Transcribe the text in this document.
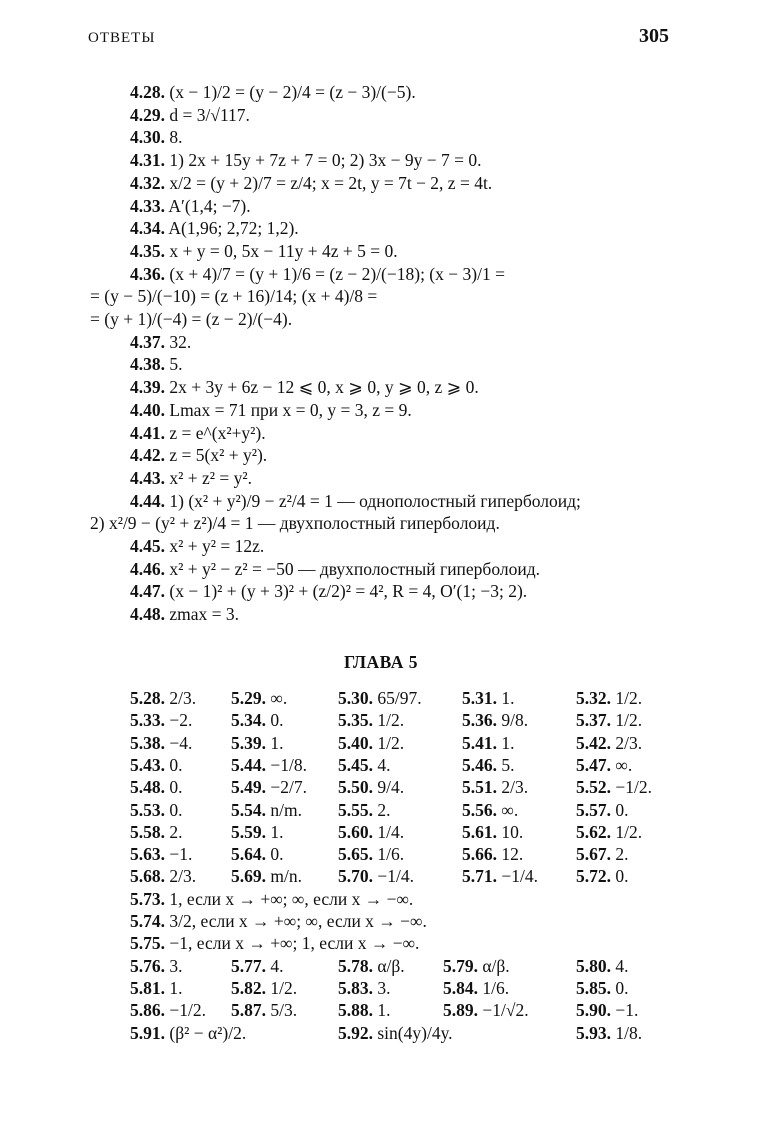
ОТВЕТЫ	305
4.28. (x − 1)/2 = (y − 2)/4 = (z − 3)/(−5).
4.29. d = 3/√117.
4.30. 8.
4.31. 1) 2x + 15y + 7z + 7 = 0; 2) 3x − 9y − 7 = 0.
4.32. x/2 = (y + 2)/7 = z/4; x = 2t, y = 7t − 2, z = 4t.
4.33. A′(1,4; −7).
4.34. A(1,96; 2,72; 1,2).
4.35. x + y = 0, 5x − 11y + 4z + 5 = 0.
4.36. (x + 4)/7 = (y + 1)/6 = (z − 2)/(−18); (x − 3)/1 =
= (y − 5)/(−10) = (z + 16)/14; (x + 4)/8 =
= (y + 1)/(−4) = (z − 2)/(−4).
4.37. 32.
4.38. 5.
4.39. 2x + 3y + 6z − 12 ⩽ 0, x ⩾ 0, y ⩾ 0, z ⩾ 0.
4.40. Lmax = 71 при x = 0, y = 3, z = 9.
4.41. z = e^(x²+y²).
4.42. z = 5(x² + y²).
4.43. x² + z² = y².
4.44. 1) (x² + y²)/9 − z²/4 = 1 — однополостный гиперболоид;
2) x²/9 − (y² + z²)/4 = 1 — двухполостный гиперболоид.
4.45. x² + y² = 12z.
4.46. x² + y² − z² = −50 — двухполостный гиперболоид.
4.47. (x − 1)² + (y + 3)² + (z/2)² = 4², R = 4, O′(1; −3; 2).
4.48. zmax = 3.
ГЛАВА 5
5.28. 2/3. 5.29. ∞.	5.30. 65/97. 5.31. 1.	5.32. 1/2.
5.33. −2. 5.34. 0.	5.35. 1/2.	5.36. 9/8.	5.37. 1/2.
5.38. −4. 5.39. 1.	5.40. 1/2.	5.41. 1.	5.42. 2/3.
5.43. 0.	5.44. −1/8. 5.45. 4.	5.46. 5.	5.47. ∞.
5.48. 0.	5.49. −2/7. 5.50. 9/4.	5.51. 2/3.	5.52. −1/2.
5.53. 0.	5.54. n/m. 5.55. 2.	5.56. ∞.	5.57. 0.
5.58. 2.	5.59. 1.	5.60. 1/4.	5.61. 10.	5.62. 1/2.
5.63. −1. 5.64. 0.	5.65. 1/6.	5.66. 12.	5.67. 2.
5.68. 2/3. 5.69. m/n. 5.70. −1/4.	5.71. −1/4. 5.72. 0.
5.73. 1, если x → +∞; ∞, если x → −∞.
5.74. 3/2, если x → +∞; ∞, если x → −∞.
5.75. −1, если x → +∞; 1, если x → −∞.
5.76. 3.	5.77. 4.	5.78. α/β. 5.79. α/β.	5.80. 4.
5.81. 1.	5.82. 1/2. 5.83. 3.	5.84. 1/6.	5.85. 0.
5.86. −1/2. 5.87. 5/3. 5.88. 1.	5.89. −1/√2.	5.90. −1.
5.91. (β² − α²)/2.	5.92. sin(4y)/4y.	5.93. 1/8.
